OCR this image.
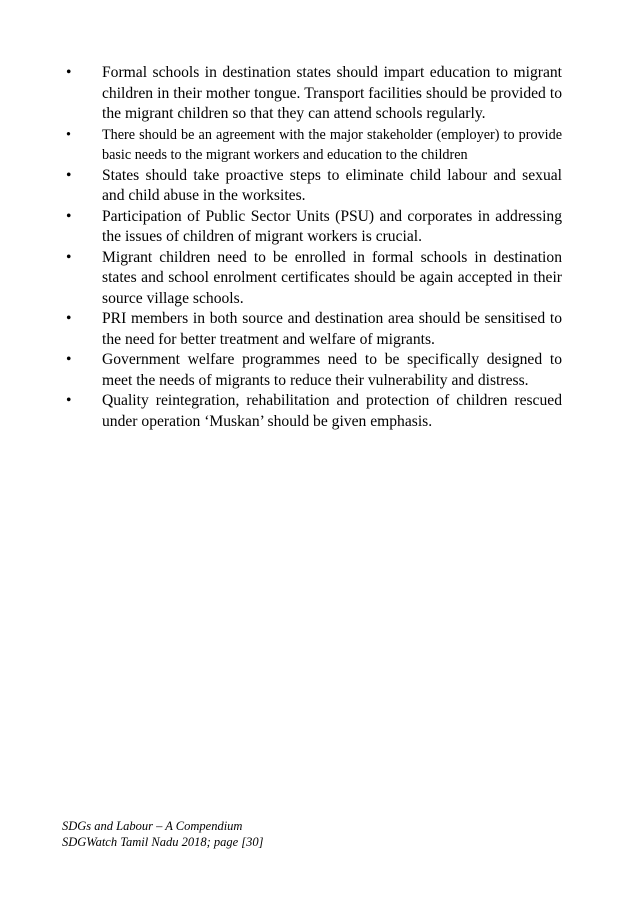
•	Formal schools in destination states should impart education to migrant children in their mother tongue. Transport facilities should be provided to the migrant children so that they can attend schools regularly.
•	There should be an agreement with the major stakeholder (employer) to provide basic needs to the migrant workers and education to the children
•	States should take proactive steps to eliminate child labour and sexual and child abuse in the worksites.
•	Participation of Public Sector Units (PSU) and corporates in addressing the issues of children of migrant workers is crucial.
•	Migrant children need to be enrolled in formal schools in destination states and school enrolment certificates should be again accepted in their source village schools.
•	PRI members in both source and destination area should be sensitised to the need for better treatment and welfare of migrants.
•	Government welfare programmes need to be specifically designed to meet the needs of migrants to reduce their vulnerability and distress.
•	Quality reintegration, rehabilitation and protection of children rescued under operation ‘Muskan’ should be given emphasis.
SDGs and Labour – A Compendium
SDGWatch Tamil Nadu 2018; page [30]
